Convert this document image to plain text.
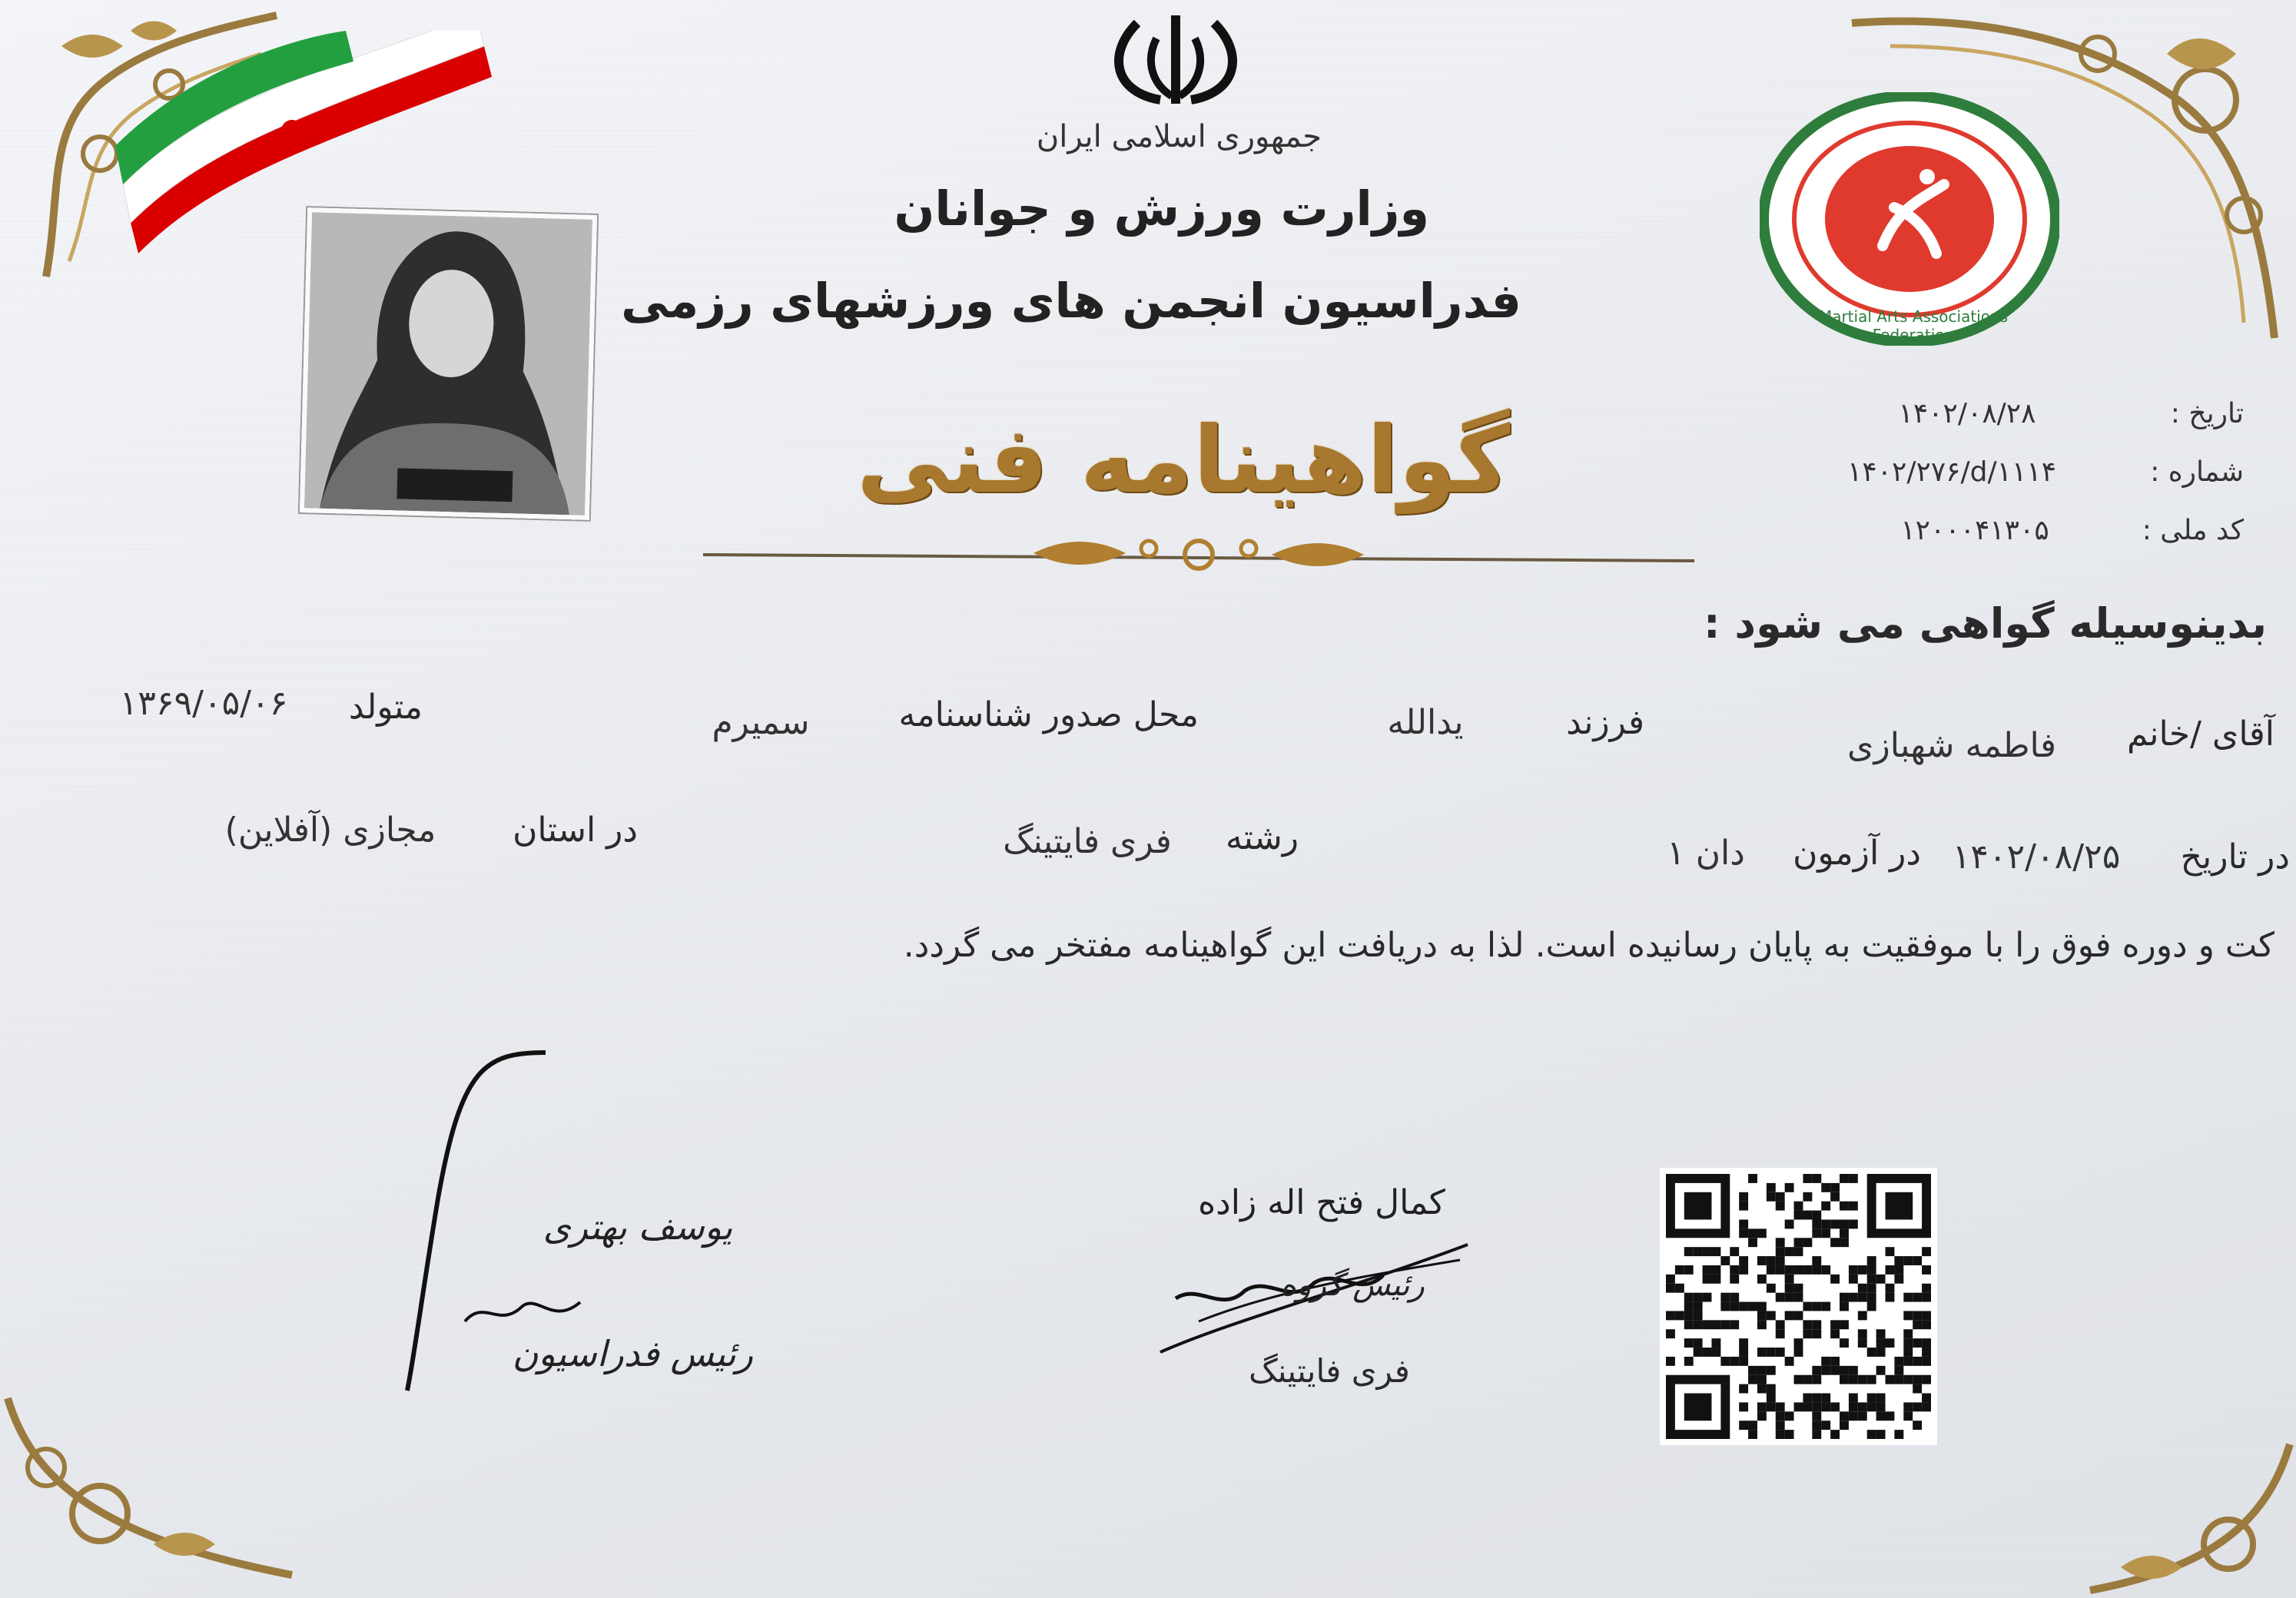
جمهوری اسلامی ایران
وزارت ورزش و جوانان
فدراسیون انجمن های ورزشهای رزمی
گواهینامه فنی
Martial Arts Associations Federation
تاریخ :
۱۴۰۲/۰۸/۲۸
شماره :
۱۴۰۲/۲۷۶/d/۱۱۱۴
کد ملی :
۱۲۰۰۰۴۱۳۰۵
بدینوسیله گواهی می شود :
آقای /خانم
فاطمه شهبازی
فرزند
یدالله
محل صدور شناسنامه
سمیرم
متولد
۱۳۶۹/۰۵/۰۶
در تاریخ
۱۴۰۲/۰۸/۲۵
در آزمون
دان ۱
رشته
فری فایتینگ
در استان
مجازی (آفلاین)
کت و دوره فوق را با موفقیت به پایان رسانیده است. لذا به دریافت این گواهینامه مفتخر می گردد.
یوسف بهتری
رئیس فدراسیون
کمال فتح اله زاده
رئیس گروه
فری فایتینگ
